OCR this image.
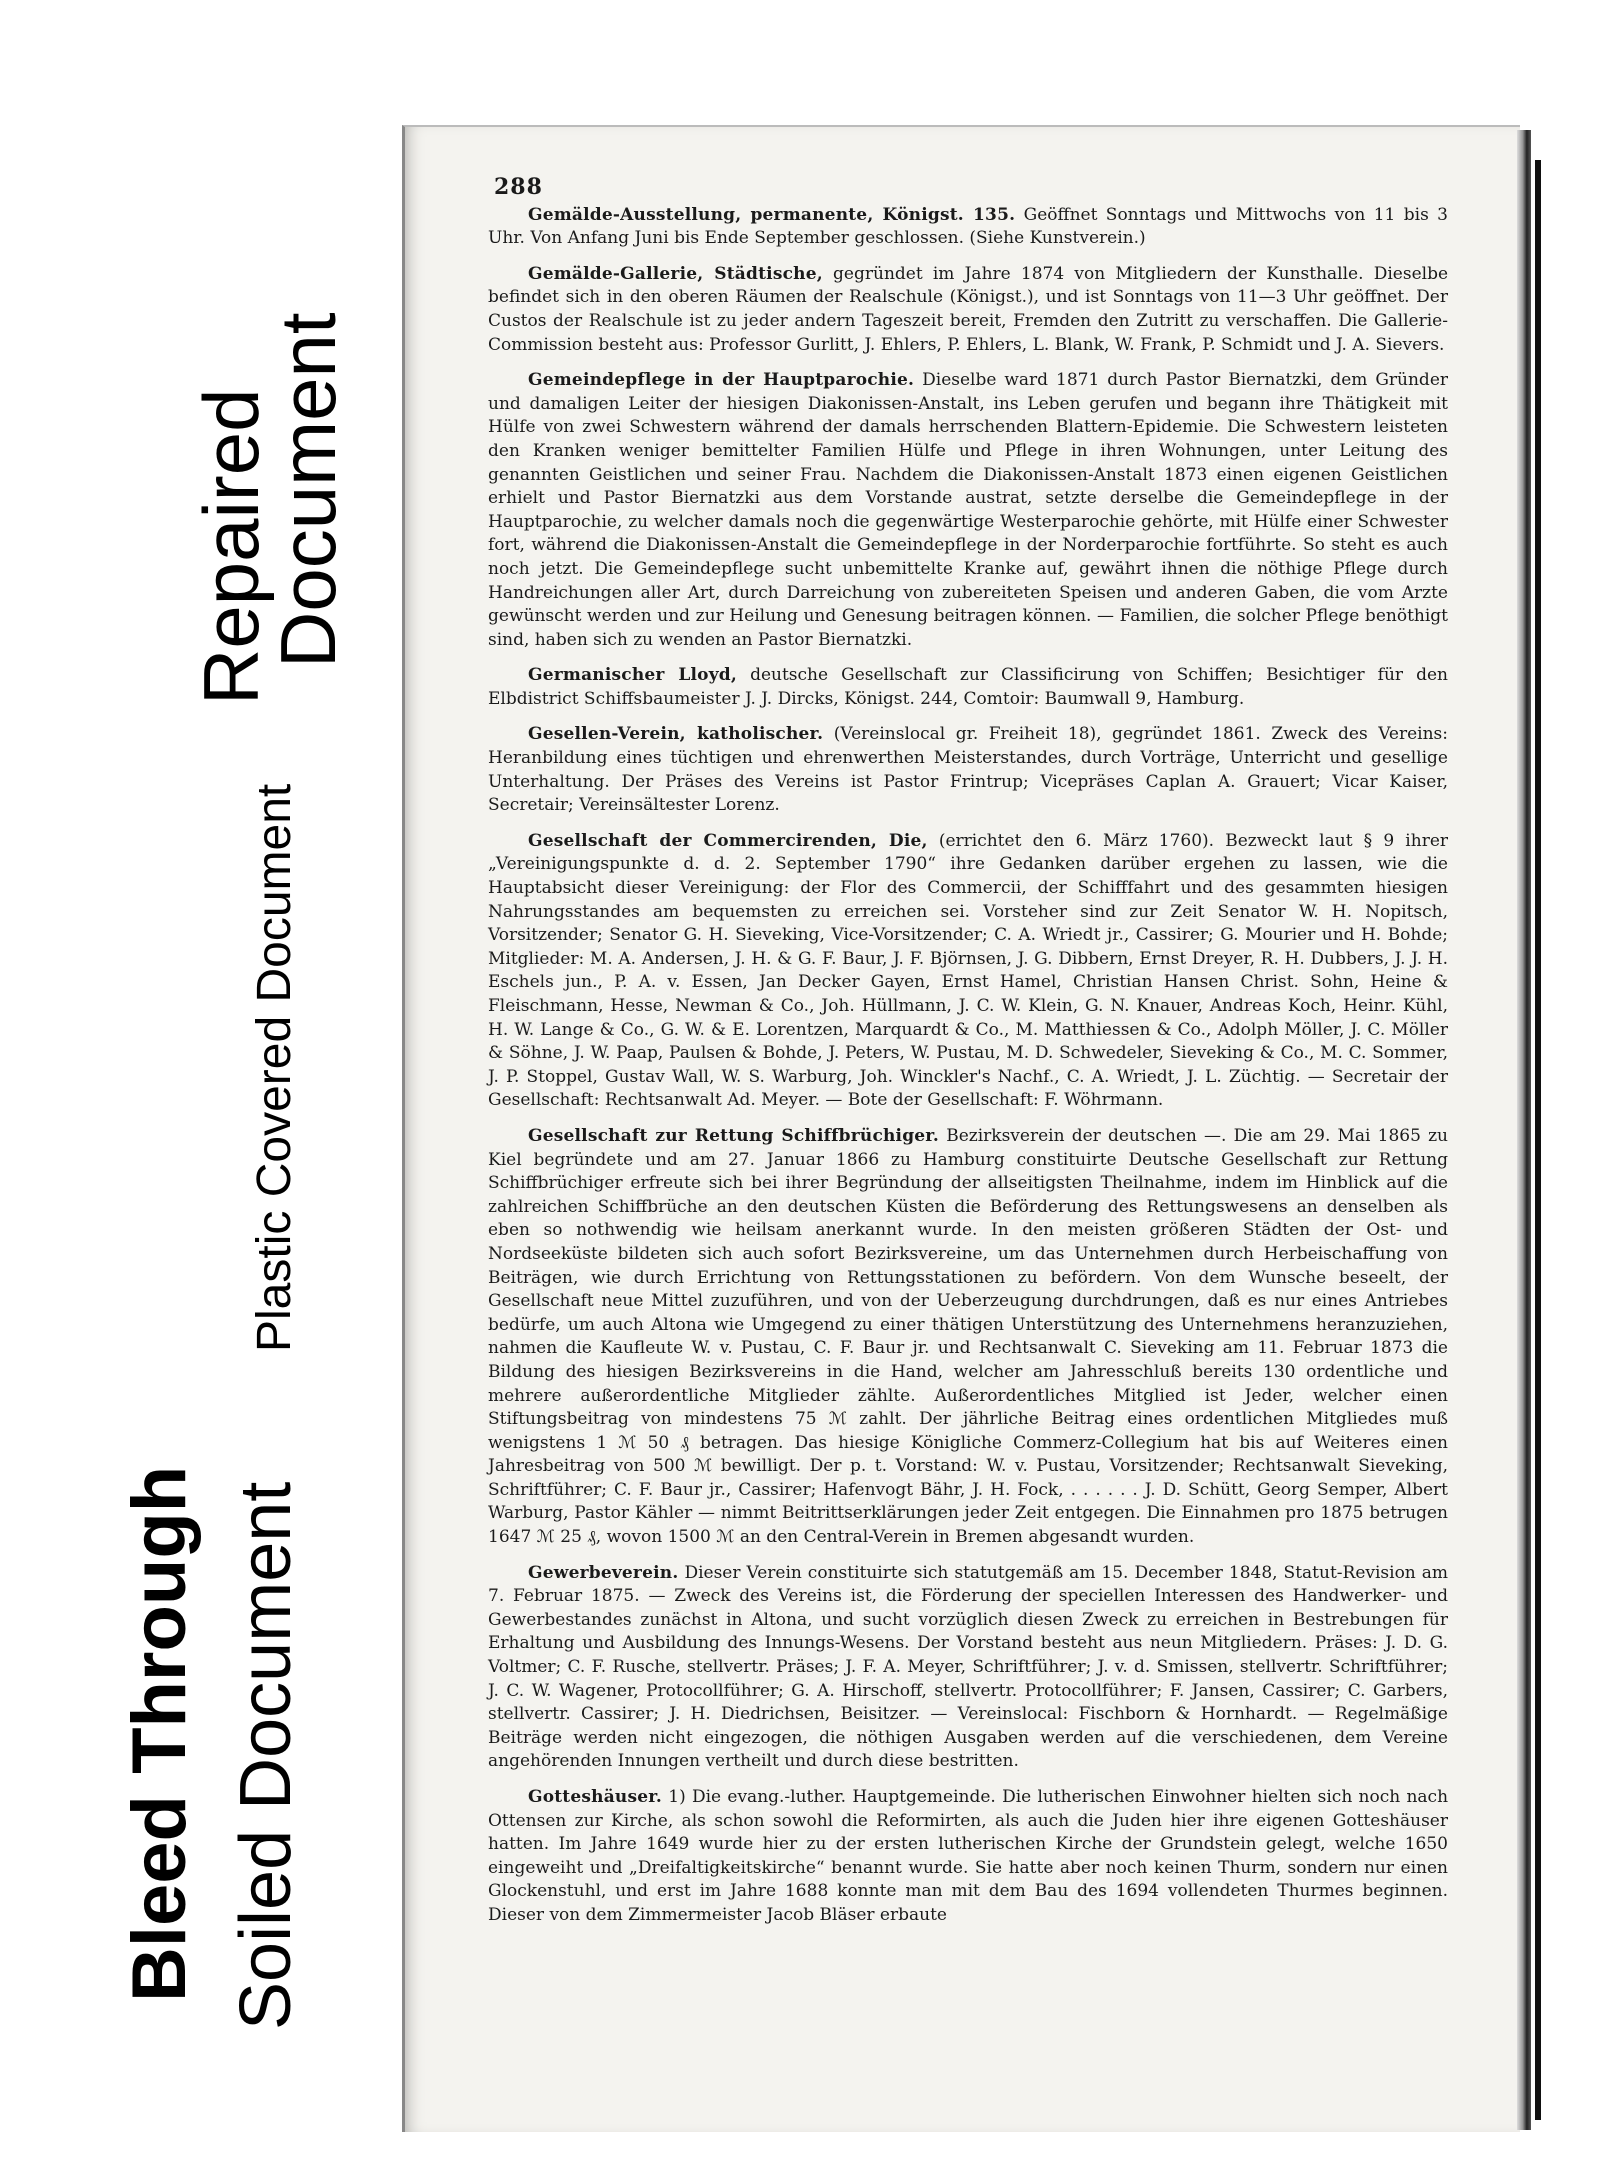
Repaired
Document
Plastic Covered Document
Bleed Through Soiled Document
288

Gemälde-Ausstellung, permanente, Königst. 135. Geöffnet Sonntags und Mittwochs von 11 bis 3 Uhr. Von Anfang Juni bis Ende September geschlossen. (Siehe Kunstverein.)

Gemälde-Gallerie, Städtische, gegründet im Jahre 1874 von Mitgliedern der Kunsthalle. Dieselbe befindet sich in den oberen Räumen der Realschule (Königst.), und ist Sonntags von 11—3 Uhr geöffnet. Der Custos der Realschule ist zu jeder andern Tageszeit bereit, Fremden den Zutritt zu verschaffen. Die Gallerie-Commission besteht aus: Professor Gurlitt, J. Ehlers, P. Ehlers, L. Blank, W. Frank, P. Schmidt und J. A. Sievers.

Gemeindepflege in der Hauptparochie. Dieselbe ward 1871 durch Pastor Biernatzki, dem Gründer und damaligen Leiter der hiesigen Diakonissen-Anstalt, ins Leben gerufen und begann ihre Thätigkeit mit Hülfe von zwei Schwestern während der damals herrschenden Blattern-Epidemie. Die Schwestern leisteten den Kranken weniger bemittelter Familien Hülfe und Pflege in ihren Wohnungen, unter Leitung des genannten Geistlichen und seiner Frau. Nachdem die Diakonissen-Anstalt 1873 einen eigenen Geistlichen erhielt und Pastor Biernatzki aus dem Vorstande austrat, setzte derselbe die Gemeindepflege in der Hauptparochie, zu welcher damals noch die gegenwärtige Westerparochie gehörte, mit Hülfe einer Schwester fort, während die Diakonissen-Anstalt die Gemeindepflege in der Norderparochie fortführte. So steht es auch noch jetzt. Die Gemeindepflege sucht unbemittelte Kranke auf, gewährt ihnen die nöthige Pflege durch Handreichungen aller Art, durch Darreichung von zubereiteten Speisen und anderen Gaben, die vom Arzte gewünscht werden und zur Heilung und Genesung beitragen können. — Familien, die solcher Pflege benöthigt sind, haben sich zu wenden an Pastor Biernatzki.

Germanischer Lloyd, deutsche Gesellschaft zur Classificirung von Schiffen; Besichtiger für den Elbdistrict Schiffsbaumeister J. J. Dircks, Königst. 244, Comtoir: Baumwall 9, Hamburg.

Gesellen-Verein, katholischer. (Vereinslocal gr. Freiheit 18), gegründet 1861. Zweck des Vereins: Heranbildung eines tüchtigen und ehrenwerthen Meisterstandes, durch Vorträge, Unterricht und gesellige Unterhaltung. Der Präses des Vereins ist Pastor Frintrup; Vicepräses Caplan A. Grauert; Vicar Kaiser, Secretair; Vereinsältester Lorenz.

Gesellschaft der Commercirenden, Die, (errichtet den 6. März 1760). Bezweckt laut § 9 ihrer „Vereinigungspunkte d. d. 2. September 1790“ ihre Gedanken darüber ergehen zu lassen, wie die Hauptabsicht dieser Vereinigung: der Flor des Commercii, der Schifffahrt und des gesammten hiesigen Nahrungsstandes am bequemsten zu erreichen sei. Vorsteher sind zur Zeit Senator W. H. Nopitsch, Vorsitzender; Senator G. H. Sieveking, Vice-Vorsitzender; C. A. Wriedt jr., Cassirer; G. Mourier und H. Bohde; Mitglieder: M. A. Andersen, J. H. & G. F. Baur, J. F. Björnsen, J. G. Dibbern, Ernst Dreyer, R. H. Dubbers, J. J. H. Eschels jun., P. A. v. Essen, Jan Decker Gayen, Ernst Hamel, Christian Hansen Christ. Sohn, Heine & Fleischmann, Hesse, Newman & Co., Joh. Hüllmann, J. C. W. Klein, G. N. Knauer, Andreas Koch, Heinr. Kühl, H. W. Lange & Co., G. W. & E. Lorentzen, Marquardt & Co., M. Matthiessen & Co., Adolph Möller, J. C. Möller & Söhne, J. W. Paap, Paulsen & Bohde, J. Peters, W. Pustau, M. D. Schwedeler, Sieveking & Co., M. C. Sommer, J. P. Stoppel, Gustav Wall, W. S. Warburg, Joh. Winckler's Nachf., C. A. Wriedt, J. L. Züchtig. — Secretair der Gesellschaft: Rechtsanwalt Ad. Meyer. — Bote der Gesellschaft: F. Wöhrmann.

Gesellschaft zur Rettung Schiffbrüchiger. Bezirksverein der deutschen —. Die am 29. Mai 1865 zu Kiel begründete und am 27. Januar 1866 zu Hamburg constituirte Deutsche Gesellschaft zur Rettung Schiffbrüchiger erfreute sich bei ihrer Begründung der allseitigsten Theilnahme, indem im Hinblick auf die zahlreichen Schiffbrüche an den deutschen Küsten die Beförderung des Rettungswesens an denselben als eben so nothwendig wie heilsam anerkannt wurde. In den meisten größeren Städten der Ost- und Nordseeküste bildeten sich auch sofort Bezirksvereine, um das Unternehmen durch Herbeischaffung von Beiträgen, wie durch Errichtung von Rettungsstationen zu befördern. Von dem Wunsche beseelt, der Gesellschaft neue Mittel zuzuführen, und von der Ueberzeugung durchdrungen, daß es nur eines Antriebes bedürfe, um auch Altona wie Umgegend zu einer thätigen Unterstützung des Unternehmens heranzuziehen, nahmen die Kaufleute W. v. Pustau, C. F. Baur jr. und Rechtsanwalt C. Sieveking am 11. Februar 1873 die Bildung des hiesigen Bezirksvereins in die Hand, welcher am Jahresschluß bereits 130 ordentliche und mehrere außerordentliche Mitglieder zählte. Außerordentliches Mitglied ist Jeder, welcher einen Stiftungsbeitrag von mindestens 75 ℳ zahlt. Der jährliche Beitrag eines ordentlichen Mitgliedes muß wenigstens 1 ℳ 50 ₰ betragen. Das hiesige Königliche Commerz-Collegium hat bis auf Weiteres einen Jahresbeitrag von 500 ℳ bewilligt. Der p. t. Vorstand: W. v. Pustau, Vorsitzender; Rechtsanwalt Sieveking, Schriftführer; C. F. Baur jr., Cassirer; Hafenvogt Bähr, J. H. Fock, . . . . . . J. D. Schütt, Georg Semper, Albert Warburg, Pastor Kähler — nimmt Beitrittserklärungen jeder Zeit entgegen. Die Einnahmen pro 1875 betrugen 1647 ℳ 25 ₰, wovon 1500 ℳ an den Central-Verein in Bremen abgesandt wurden.

Gewerbeverein. Dieser Verein constituirte sich statutgemäß am 15. December 1848, Statut-Revision am 7. Februar 1875. — Zweck des Vereins ist, die Förderung der speciellen Interessen des Handwerker- und Gewerbestandes zunächst in Altona, und sucht vorzüglich diesen Zweck zu erreichen in Bestrebungen für Erhaltung und Ausbildung des Innungs-Wesens. Der Vorstand besteht aus neun Mitgliedern. Präses: J. D. G. Voltmer; C. F. Rusche, stellvertr. Präses; J. F. A. Meyer, Schriftführer; J. v. d. Smissen, stellvertr. Schriftführer; J. C. W. Wagener, Protocollführer; G. A. Hirschoff, stellvertr. Protocollführer; F. Jansen, Cassirer; C. Garbers, stellvertr. Cassirer; J. H. Diedrichsen, Beisitzer. — Vereinslocal: Fischborn & Hornhardt. — Regelmäßige Beiträge werden nicht eingezogen, die nöthigen Ausgaben werden auf die verschiedenen, dem Vereine angehörenden Innungen vertheilt und durch diese bestritten.

Gotteshäuser. 1) Die evang.-luther. Hauptgemeinde. Die lutherischen Einwohner hielten sich noch nach Ottensen zur Kirche, als schon sowohl die Reformirten, als auch die Juden hier ihre eigenen Gotteshäuser hatten. Im Jahre 1649 wurde hier zu der ersten lutherischen Kirche der Grundstein gelegt, welche 1650 eingeweiht und „Dreifaltigkeitskirche“ benannt wurde. Sie hatte aber noch keinen Thurm, sondern nur einen Glockenstuhl, und erst im Jahre 1688 konnte man mit dem Bau des 1694 vollendeten Thurmes beginnen. Dieser von dem Zimmermeister Jacob Bläser erbaute
